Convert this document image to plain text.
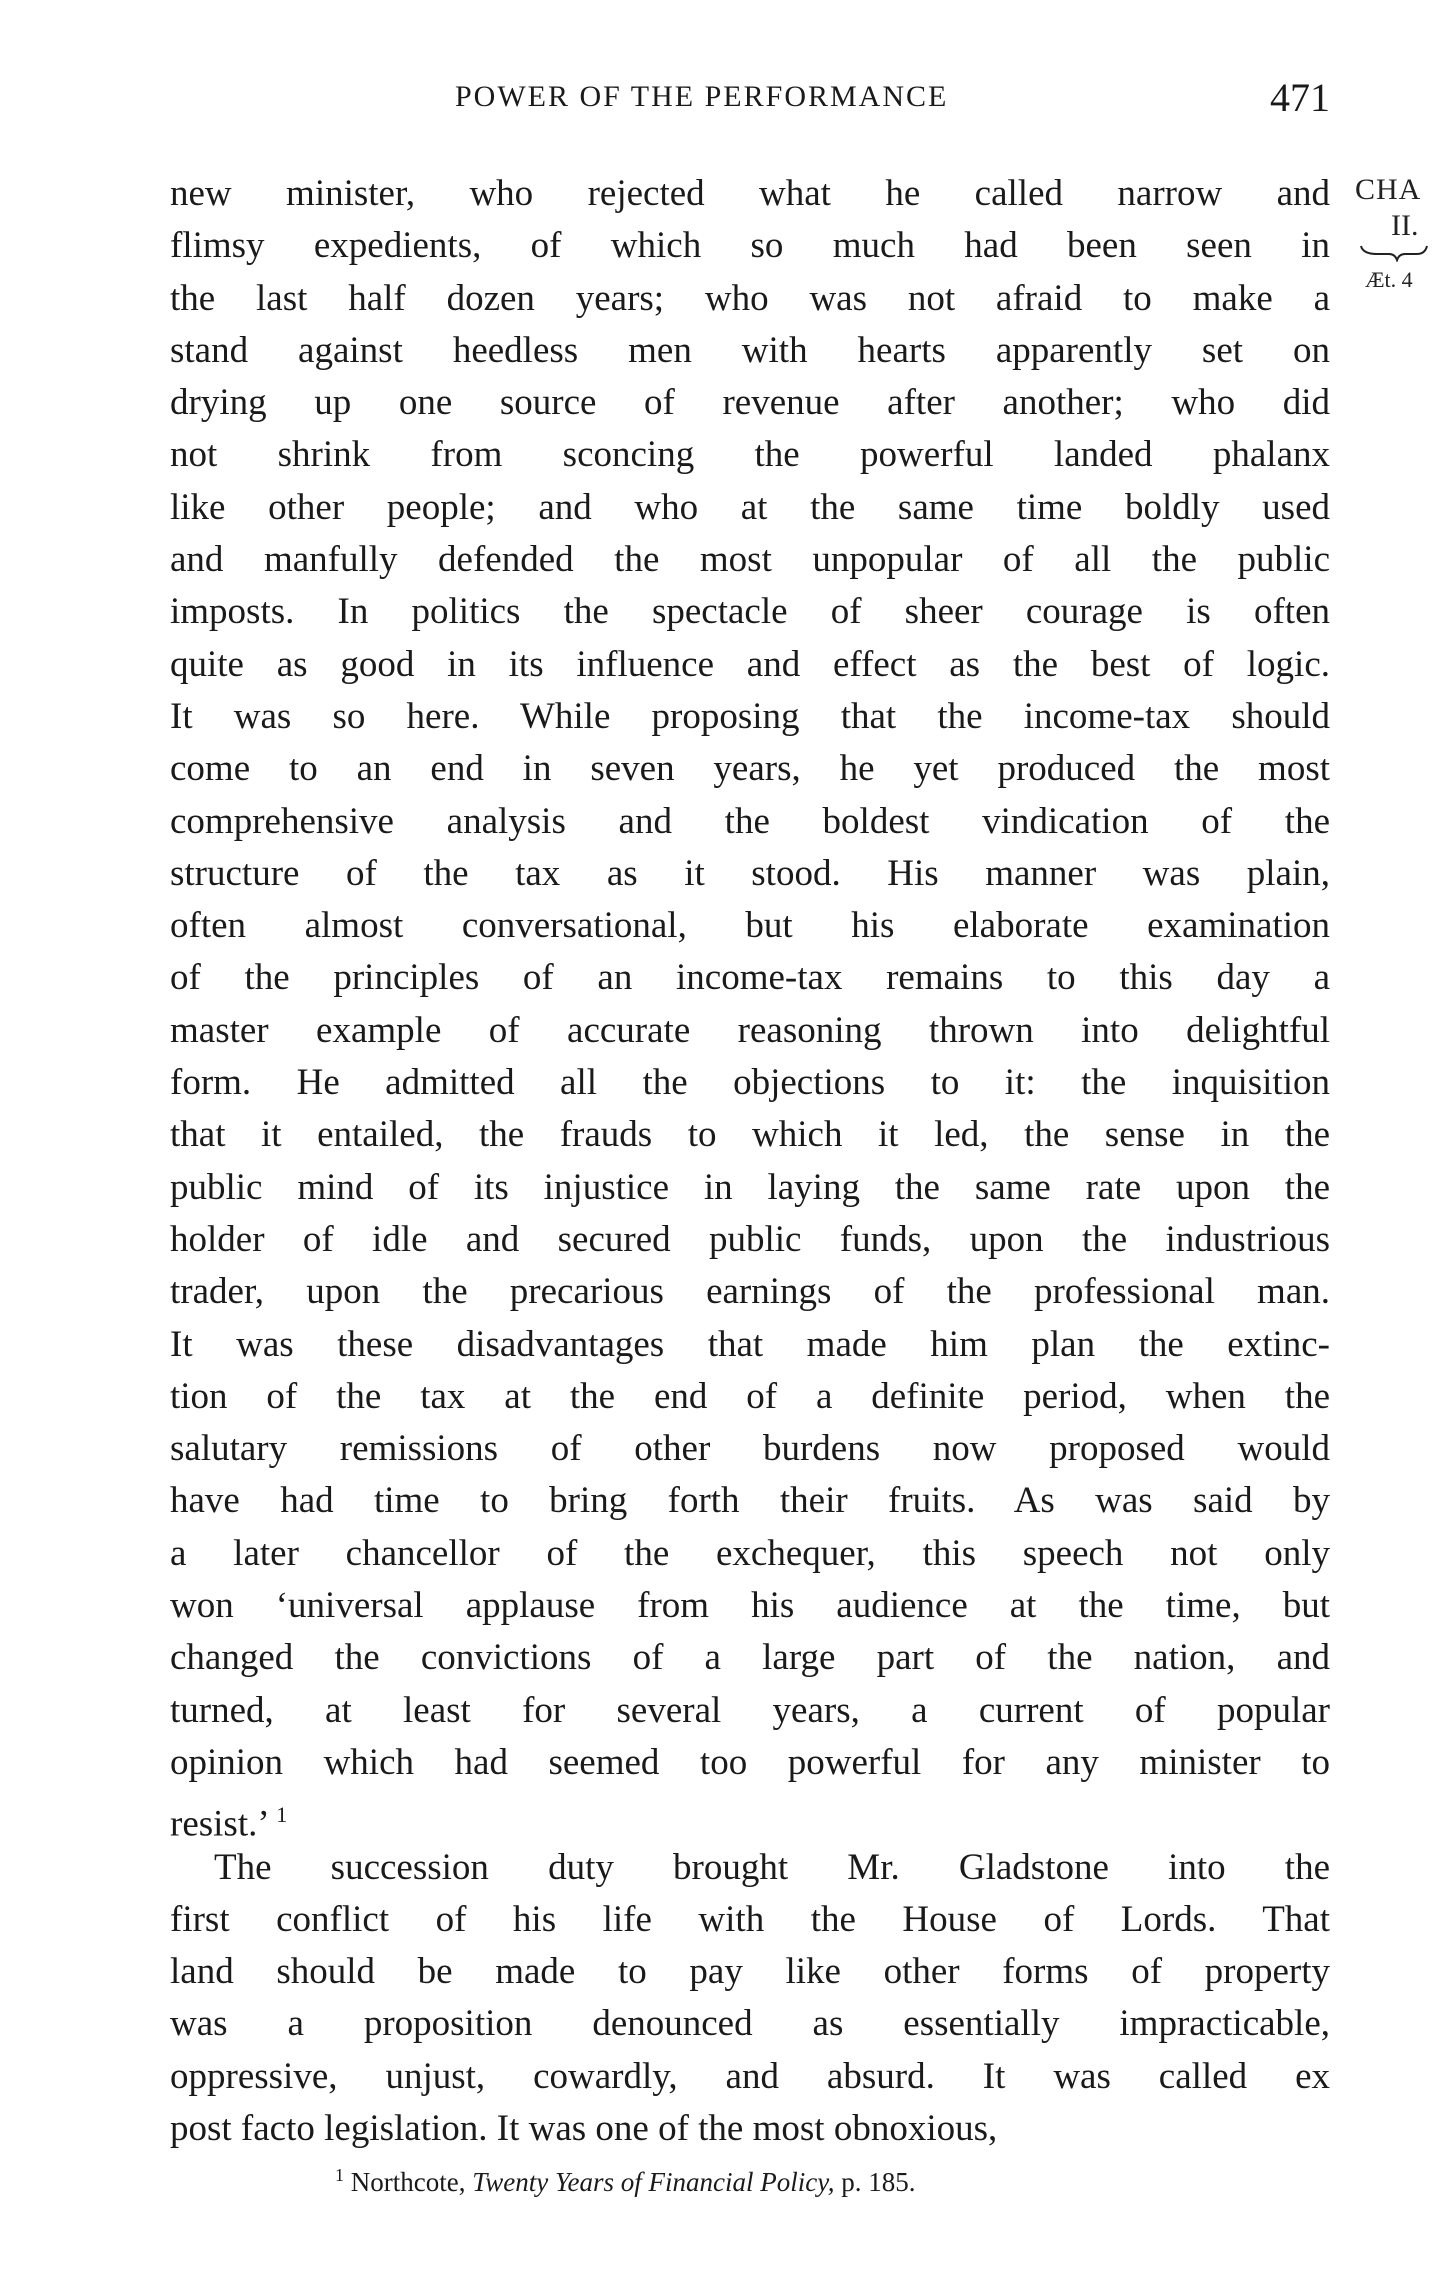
POWER OF THE PERFORMANCE	471
CHA
II.
Æt. 4
new minister, who rejected what he called narrow and
flimsy expedients, of which so much had been seen in
the last half dozen years; who was not afraid to make a
stand against heedless men with hearts apparently set on
drying up one source of revenue after another; who did
not shrink from sconcing the powerful landed phalanx
like other people; and who at the same time boldly used
and manfully defended the most unpopular of all the public
imposts. In politics the spectacle of sheer courage is often
quite as good in its influence and effect as the best of logic.
It was so here. While proposing that the income-tax should
come to an end in seven years, he yet produced the most
comprehensive analysis and the boldest vindication of the
structure of the tax as it stood. His manner was plain,
often almost conversational, but his elaborate examination
of the principles of an income-tax remains to this day a
master example of accurate reasoning thrown into delightful
form. He admitted all the objections to it: the inquisition
that it entailed, the frauds to which it led, the sense in the
public mind of its injustice in laying the same rate upon the
holder of idle and secured public funds, upon the industrious
trader, upon the precarious earnings of the professional man.
It was these disadvantages that made him plan the extinc-
tion of the tax at the end of a definite period, when the
salutary remissions of other burdens now proposed would
have had time to bring forth their fruits. As was said by
a later chancellor of the exchequer, this speech not only
won ‘universal applause from his audience at the time, but
changed the convictions of a large part of the nation, and
turned, at least for several years, a current of popular
opinion which had seemed too powerful for any minister to
resist.’ $^1$
The succession duty brought Mr. Gladstone into the
first conflict of his life with the House of Lords. That
land should be made to pay like other forms of property
was a proposition denounced as essentially impracticable,
oppressive, unjust, cowardly, and absurd. It was called ex
post facto legislation. It was one of the most obnoxious,
$^1$ Northcote, Twenty Years of Financial Policy, p. 185.
